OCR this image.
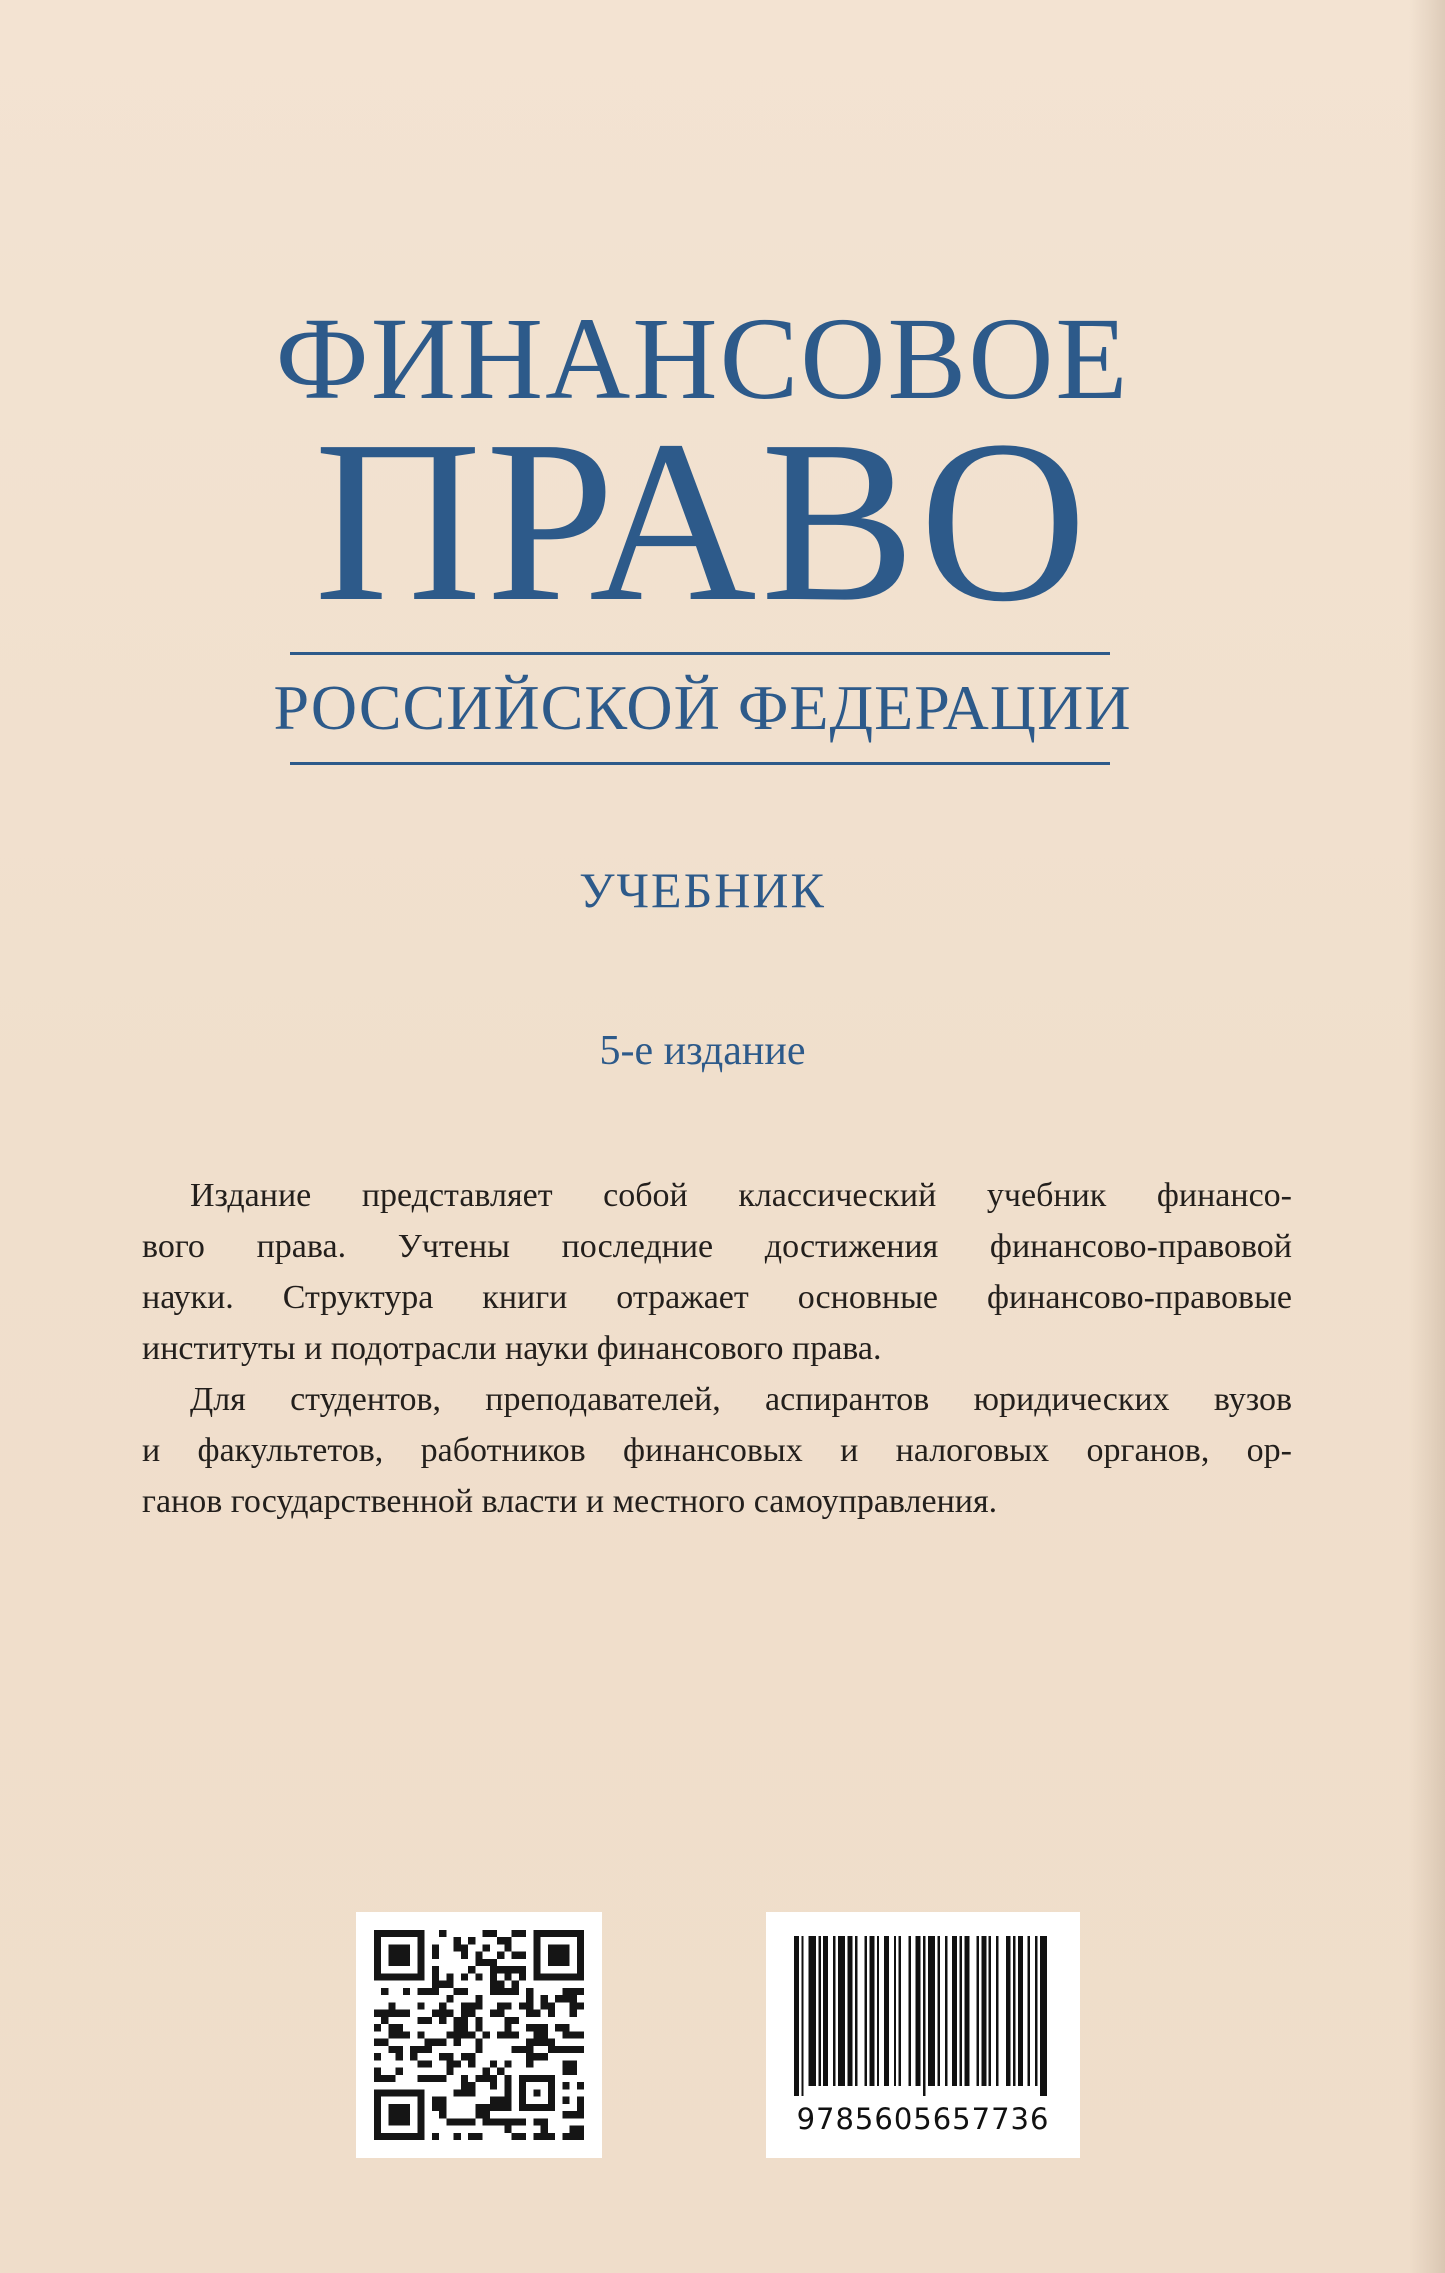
ФИНАНСОВОЕ
ПРАВО
РОССИЙСКОЙ ФЕДЕРАЦИИ
УЧЕБНИК
5-е издание
Издание представляет собой классический учебник финансо-
вого права. Учтены последние достижения финансово-правовой
науки. Структура книги отражает основные финансово-правовые
институты и подотрасли науки финансового права.
Для студентов, преподавателей, аспирантов юридических вузов
и факультетов, работников финансовых и налоговых органов, ор-
ганов государственной власти и местного самоуправления.
9785605657736
